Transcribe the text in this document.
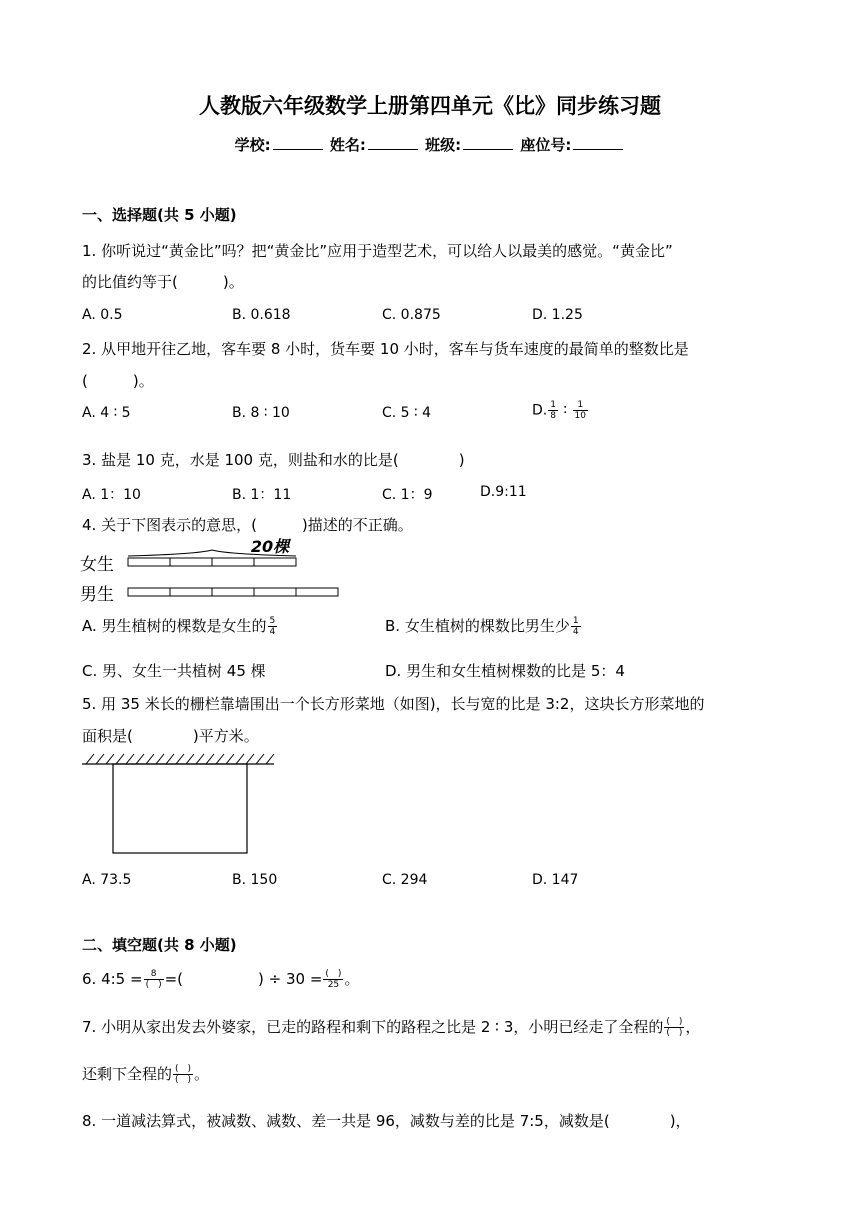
人教版六年级数学上册第四单元《比》同步练习题
学校:	姓名:	班级:	座位号:
一、选择题(共 5 小题)
1. 你听说过“黄金比”吗？把“黄金比”应用于造型艺术，可以给人以最美的感觉。“黄金比”
的比值约等于(　　　)。
A. 0.5	B. 0.618	C. 0.875	D. 1.25
2. 从甲地开往乙地，客车要 8 小时，货车要 10 小时，客车与货车速度的最简单的整数比是
(　　　)。
A. 4 ∶ 5	B. 8 ∶ 10	C. 5 ∶ 4	D. $\frac{1}{8}$ ∶ $\frac{1}{10}$
3. 盐是 10 克，水是 100 克，则盐和水的比是(　　　　)
A. 1：10	B. 1：11	C. 1：9	D.9:11
4. 关于下图表示的意思，(　　　)描述的不正确。
20棵
女生
男生
A. 男生植树的棵数是女生的 $\frac{5}{4}$	B. 女生植树的棵数比男生少 $\frac{1}{4}$
C. 男、女生一共植树 45 棵	D. 男生和女生植树棵数的比是 5：4
5. 用 35 米长的栅栏靠墙围出一个长方形菜地（如图)，长与宽的比是 3:2，这块长方形菜地的
面积是(　　　　)平方米。
A. 73.5	B. 150	C. 294	D. 147
二、填空题(共 8 小题)
6. 4:5 = $\frac{8}{( )}$ =(　　　　　) ÷ $30 = \frac{( )}{25}$ 。
7. 小明从家出发去外婆家，已走的路程和剩下的路程之比是 2 ∶ 3，小明已经走了全程的 $\frac{( )}{( )}$ ，
还剩下全程的 $\frac{( )}{( )}$ 。
8. 一道减法算式，被减数、减数、差一共是 96，减数与差的比是 7:5，减数是(　　　　)，
